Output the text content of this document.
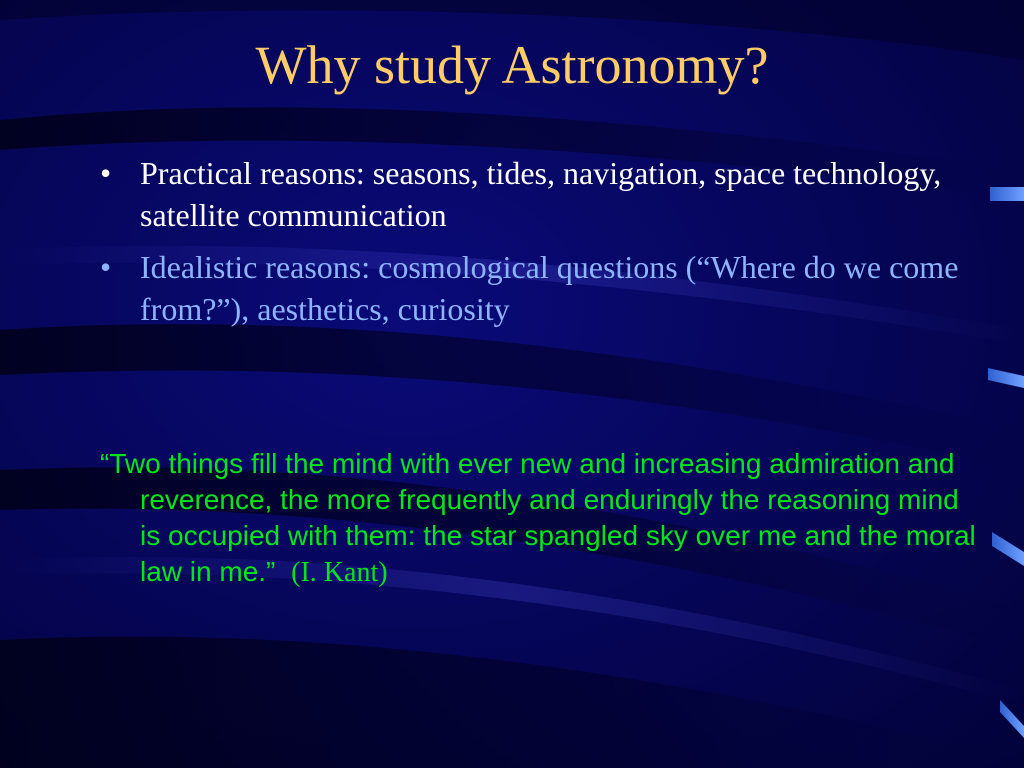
Why study Astronomy?
• Practical reasons: seasons, tides, navigation, space technology, satellite communication
• Idealistic reasons: cosmological questions (“Where do we come from?”), aesthetics, curiosity

“Two things fill the mind with ever new and increasing admiration and reverence, the more frequently and enduringly the reasoning mind is occupied with them: the star spangled sky over me and the moral law in me.” (I. Kant)
